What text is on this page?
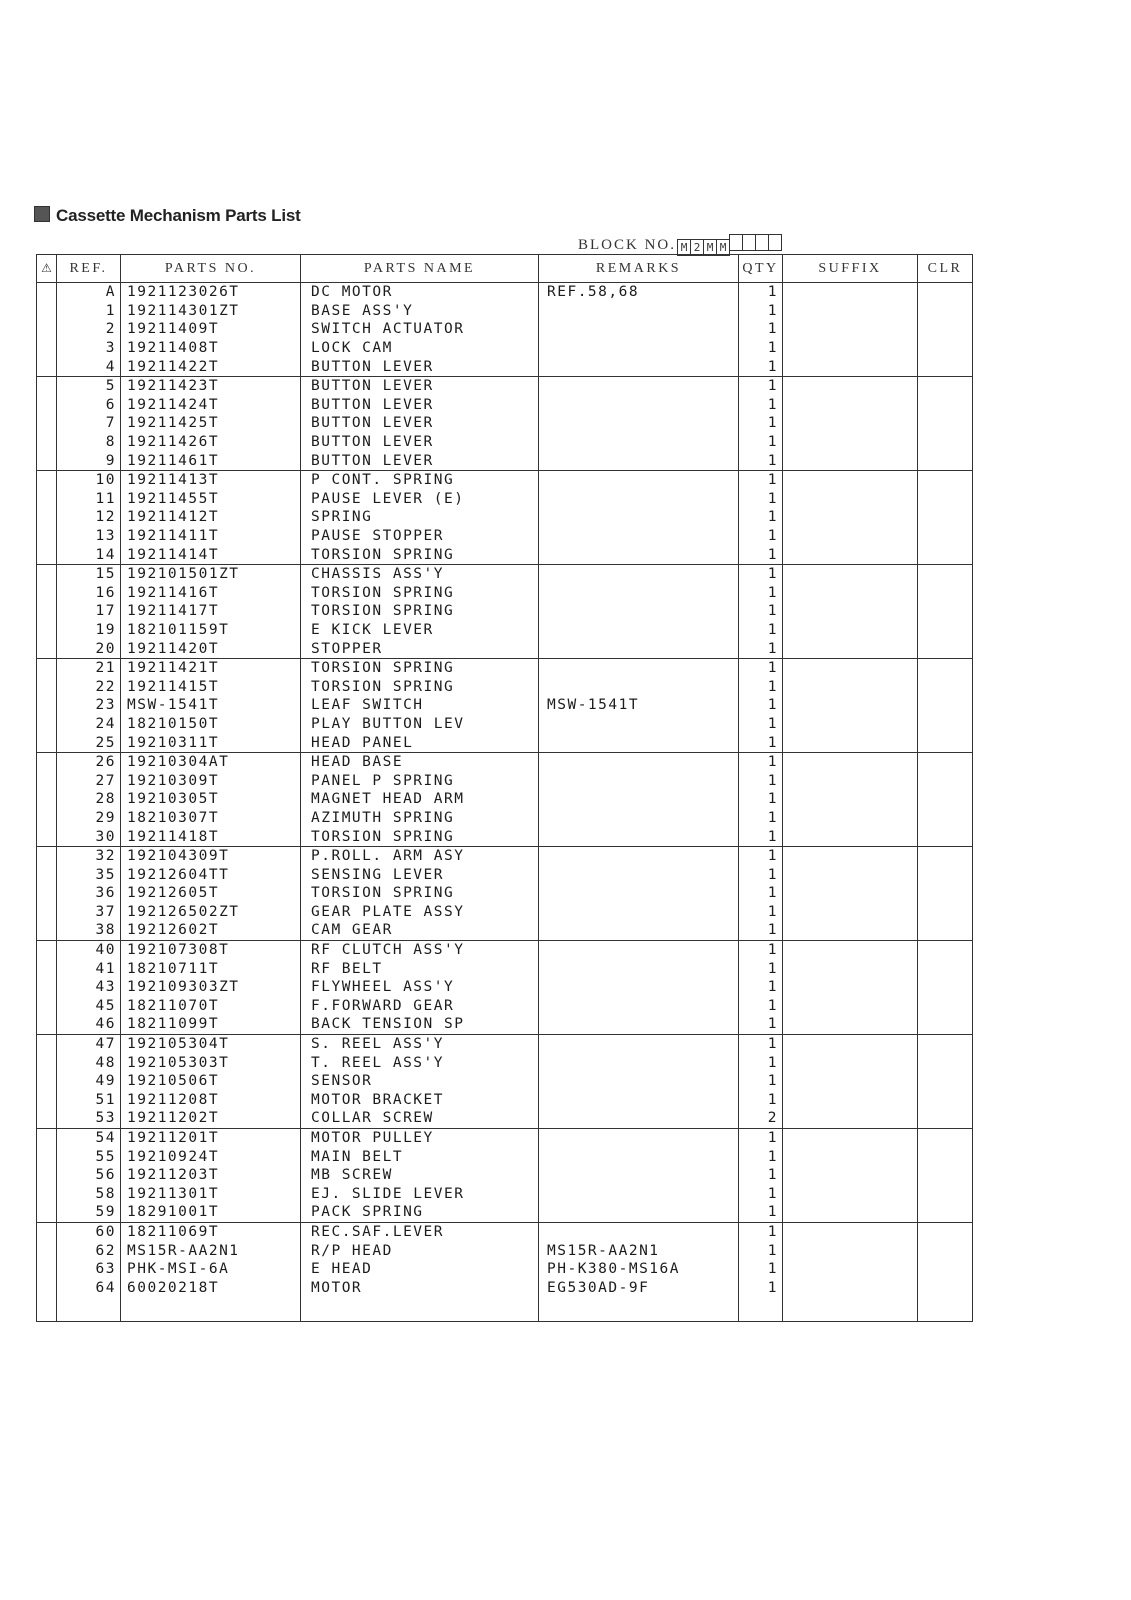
Cassette Mechanism Parts List
BLOCK NO. M 2 M M
⚠	REF.	PARTS NO.	PARTS NAME	REMARKS	QTY	SUFFIX	CLR
	A	1921123026T	DC MOTOR	REF.58,68	1		
	1	192114301ZT	BASE ASS'Y		1		
	2	19211409T	SWITCH ACTUATOR		1		
	3	19211408T	LOCK CAM		1		
	4	19211422T	BUTTON LEVER		1		
	5	19211423T	BUTTON LEVER		1		
	6	19211424T	BUTTON LEVER		1		
	7	19211425T	BUTTON LEVER		1		
	8	19211426T	BUTTON LEVER		1		
	9	19211461T	BUTTON LEVER		1		
	10	19211413T	P CONT. SPRING		1		
	11	19211455T	PAUSE LEVER (E)		1		
	12	19211412T	SPRING		1		
	13	19211411T	PAUSE STOPPER		1		
	14	19211414T	TORSION SPRING		1		
	15	192101501ZT	CHASSIS ASS'Y		1		
	16	19211416T	TORSION SPRING		1		
	17	19211417T	TORSION SPRING		1		
	19	182101159T	E KICK LEVER		1		
	20	19211420T	STOPPER		1		
	21	19211421T	TORSION SPRING		1		
	22	19211415T	TORSION SPRING		1		
	23	MSW-1541T	LEAF SWITCH	MSW-1541T	1		
	24	18210150T	PLAY BUTTON LEV		1		
	25	19210311T	HEAD PANEL		1		
	26	19210304AT	HEAD BASE		1		
	27	19210309T	PANEL P SPRING		1		
	28	19210305T	MAGNET HEAD ARM		1		
	29	18210307T	AZIMUTH SPRING		1		
	30	19211418T	TORSION SPRING		1		
	32	192104309T	P.ROLL. ARM ASY		1		
	35	19212604TT	SENSING LEVER		1		
	36	19212605T	TORSION SPRING		1		
	37	192126502ZT	GEAR PLATE ASSY		1		
	38	19212602T	CAM GEAR		1		
	40	192107308T	RF CLUTCH ASS'Y		1		
	41	18210711T	RF BELT		1		
	43	192109303ZT	FLYWHEEL ASS'Y		1		
	45	18211070T	F.FORWARD GEAR		1		
	46	18211099T	BACK TENSION SP		1		
	47	192105304T	S. REEL ASS'Y		1		
	48	192105303T	T. REEL ASS'Y		1		
	49	19210506T	SENSOR		1		
	51	19211208T	MOTOR BRACKET		1		
	53	19211202T	COLLAR SCREW		2		
	54	19211201T	MOTOR PULLEY		1		
	55	19210924T	MAIN BELT		1		
	56	19211203T	MB SCREW		1		
	58	19211301T	EJ. SLIDE LEVER		1		
	59	18291001T	PACK SPRING		1		
	60	18211069T	REC.SAF.LEVER		1		
	62	MS15R-AA2N1	R/P HEAD	MS15R-AA2N1	1		
	63	PHK-MSI-6A	E HEAD	PH-K380-MS16A	1		
	64	60020218T	MOTOR	EG530AD-9F	1		
